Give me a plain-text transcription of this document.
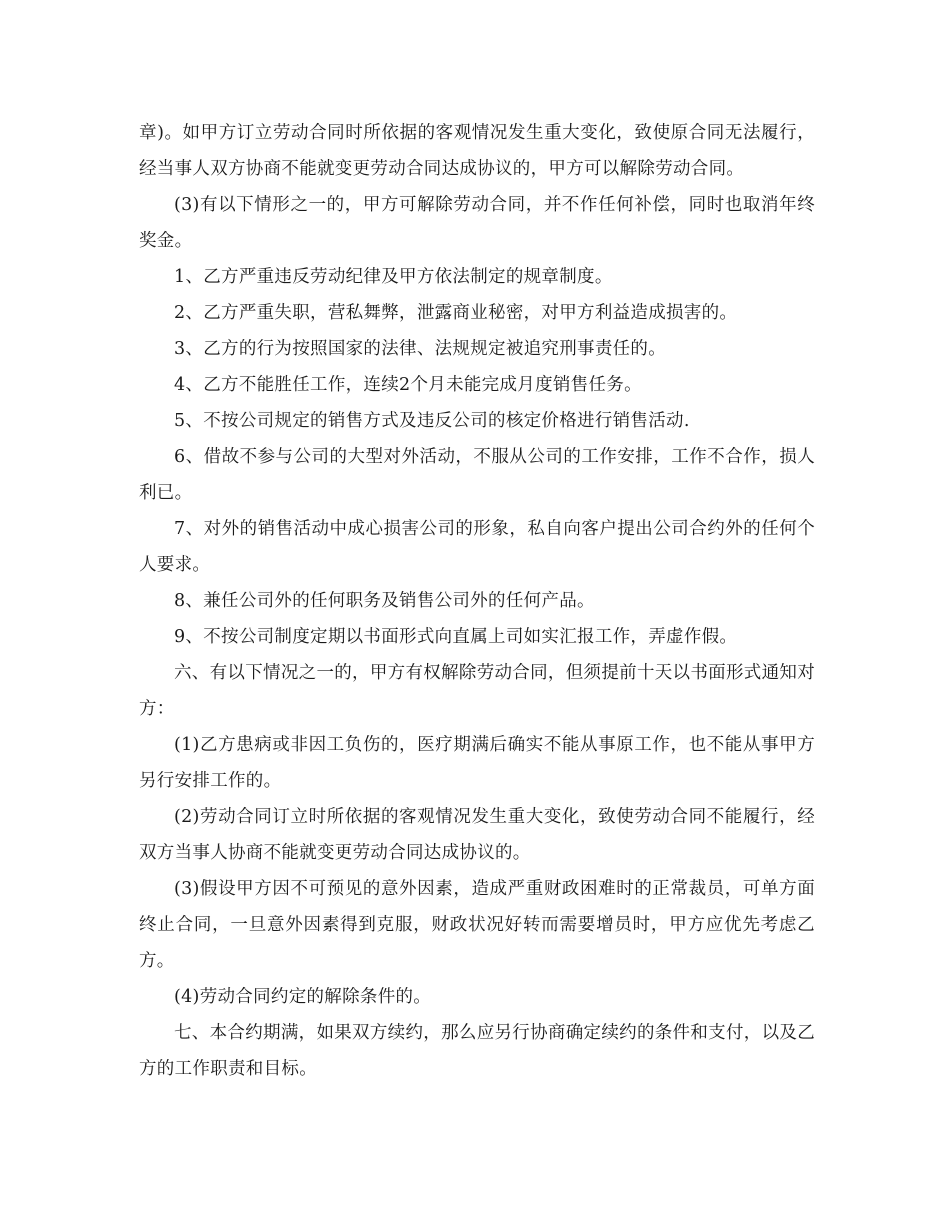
章)。如甲方订立劳动合同时所依据的客观情况发生重大变化，致使原合同无法履行，经当事人双方协商不能就变更劳动合同达成协议的，甲方可以解除劳动合同。

(3)有以下情形之一的，甲方可解除劳动合同，并不作任何补偿，同时也取消年终奖金。

1、乙方严重违反劳动纪律及甲方依法制定的规章制度。

2、乙方严重失职，营私舞弊，泄露商业秘密，对甲方利益造成损害的。

3、乙方的行为按照国家的法律、法规规定被追究刑事责任的。

4、乙方不能胜任工作，连续2个月未能完成月度销售任务。

5、不按公司规定的销售方式及违反公司的核定价格进行销售活动.

6、借故不参与公司的大型对外活动，不服从公司的工作安排，工作不合作，损人利已。

7、对外的销售活动中成心损害公司的形象，私自向客户提出公司合约外的任何个人要求。

8、兼任公司外的任何职务及销售公司外的任何产品。

9、不按公司制度定期以书面形式向直属上司如实汇报工作，弄虚作假。

六、有以下情况之一的，甲方有权解除劳动合同，但须提前十天以书面形式通知对方：

(1)乙方患病或非因工负伤的，医疗期满后确实不能从事原工作，也不能从事甲方另行安排工作的。

(2)劳动合同订立时所依据的客观情况发生重大变化，致使劳动合同不能履行，经双方当事人协商不能就变更劳动合同达成协议的。

(3)假设甲方因不可预见的意外因素，造成严重财政困难时的正常裁员，可单方面终止合同，一旦意外因素得到克服，财政状况好转而需要增员时，甲方应优先考虑乙方。

(4)劳动合同约定的解除条件的。

七、本合约期满，如果双方续约，那么应另行协商确定续约的条件和支付，以及乙方的工作职责和目标。
